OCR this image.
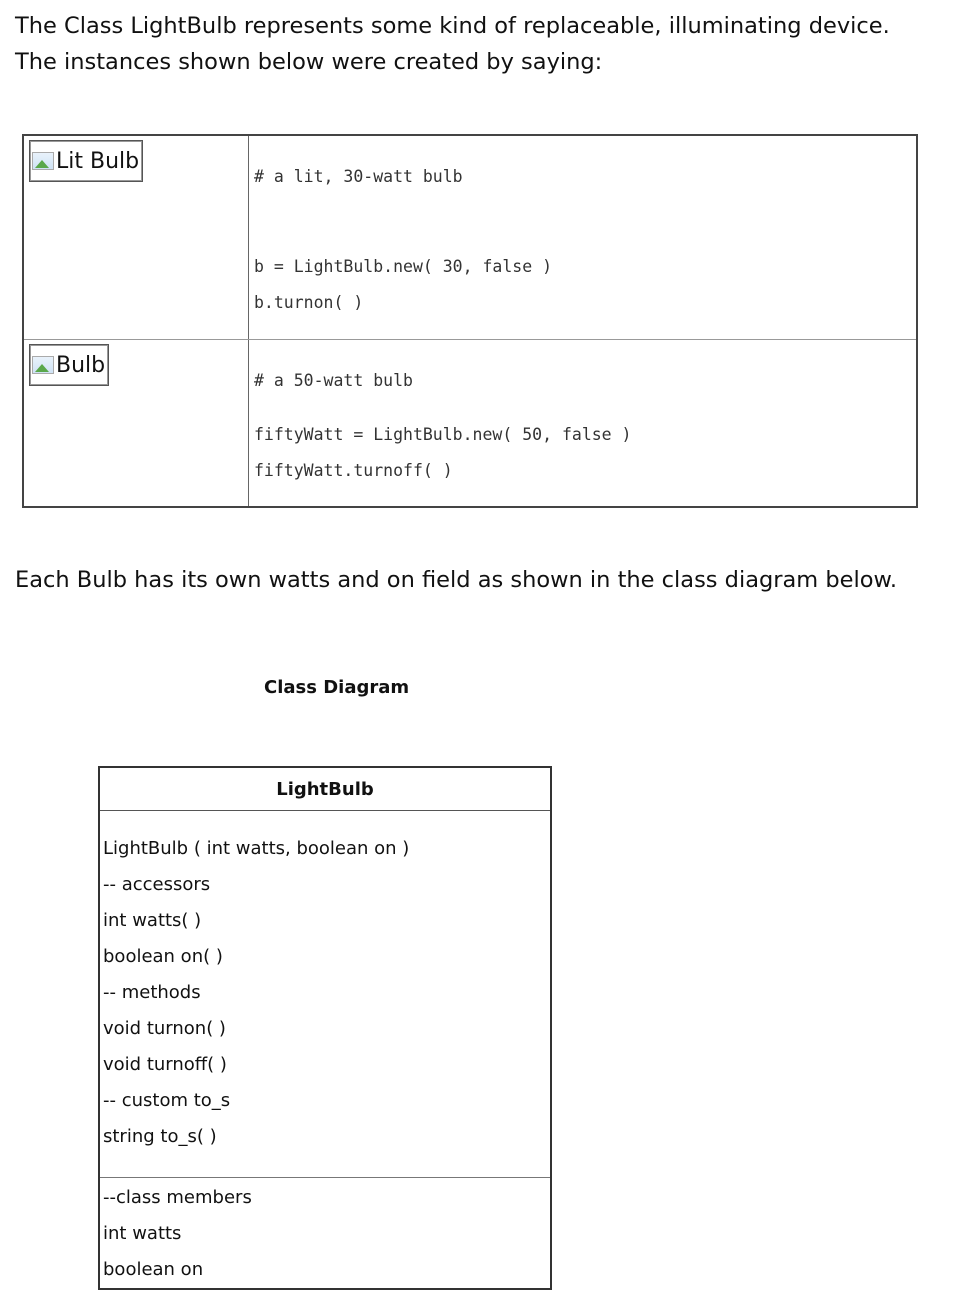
The Class LightBulb represents some kind of replaceable, illuminating device.
The instances shown below were created by saying:
Lit Bulb
# a lit, 30-watt bulb
b = LightBulb.new( 30, false )
b.turnon( )
Bulb
# a 50-watt bulb
fiftyWatt = LightBulb.new( 50, false )
fiftyWatt.turnoff( )
Each Bulb has its own watts and on field as shown in the class diagram below.
Class Diagram
LightBulb
LightBulb ( int watts, boolean on )
-- accessors
int watts( )
boolean on( )
-- methods
void turnon( )
void turnoff( )
-- custom to_s
string to_s( )
--class members
int watts
boolean on
